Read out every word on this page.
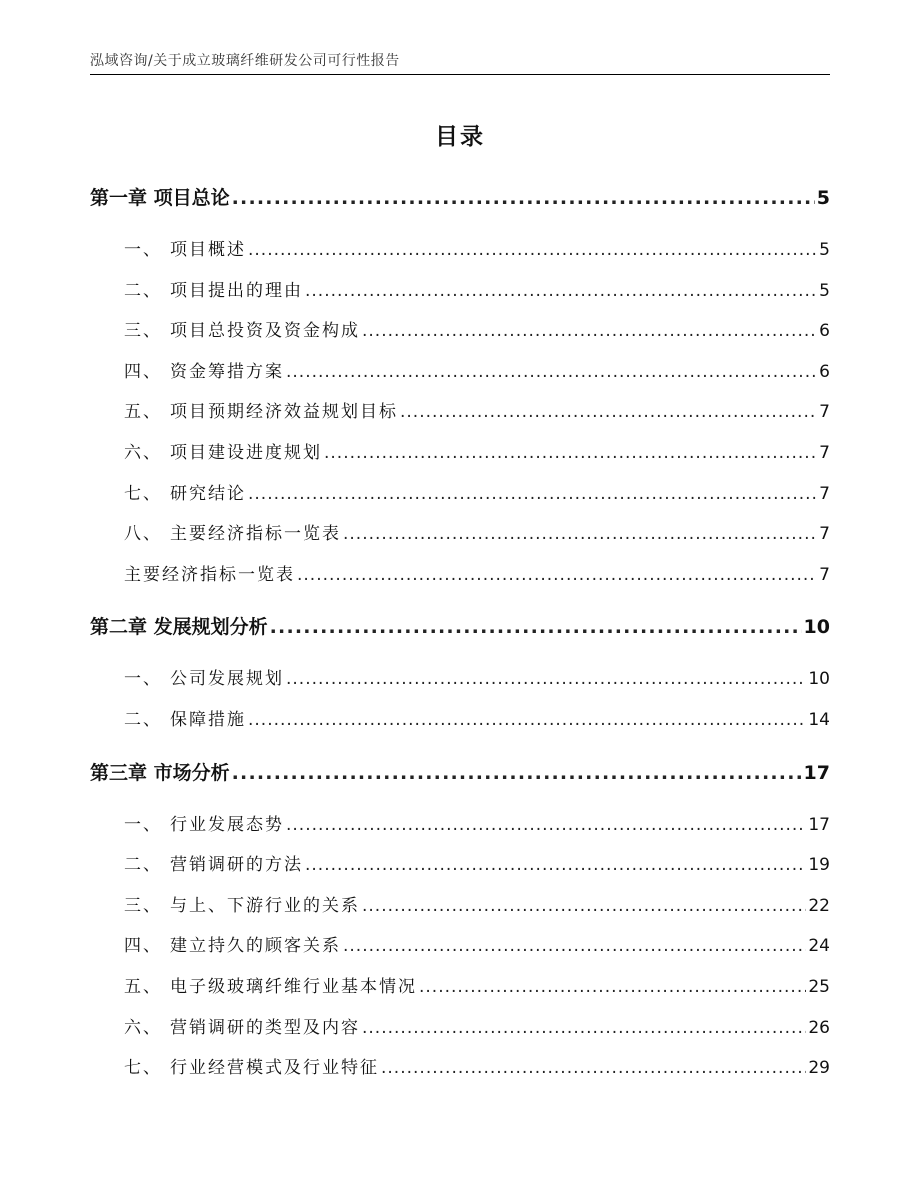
泓域咨询/关于成立玻璃纤维研发公司可行性报告
目录
第一章 项目总论 .....	5
一、 项目概述 .....	5
二、 项目提出的理由 .....	5
三、 项目总投资及资金构成 .....	6
四、 资金筹措方案 .....	6
五、 项目预期经济效益规划目标 .....	7
六、 项目建设进度规划 .....	7
七、 研究结论 .....	7
八、 主要经济指标一览表 .....	7
主要经济指标一览表 .....	7
第二章 发展规划分析 .....	10
一、 公司发展规划 .....	10
二、 保障措施 .....	14
第三章 市场分析 .....	17
一、 行业发展态势 .....	17
二、 营销调研的方法 .....	19
三、 与上、下游行业的关系 .....	22
四、 建立持久的顾客关系 .....	24
五、 电子级玻璃纤维行业基本情况 .....	25
六、 营销调研的类型及内容 .....	26
七、 行业经营模式及行业特征 .....	29
